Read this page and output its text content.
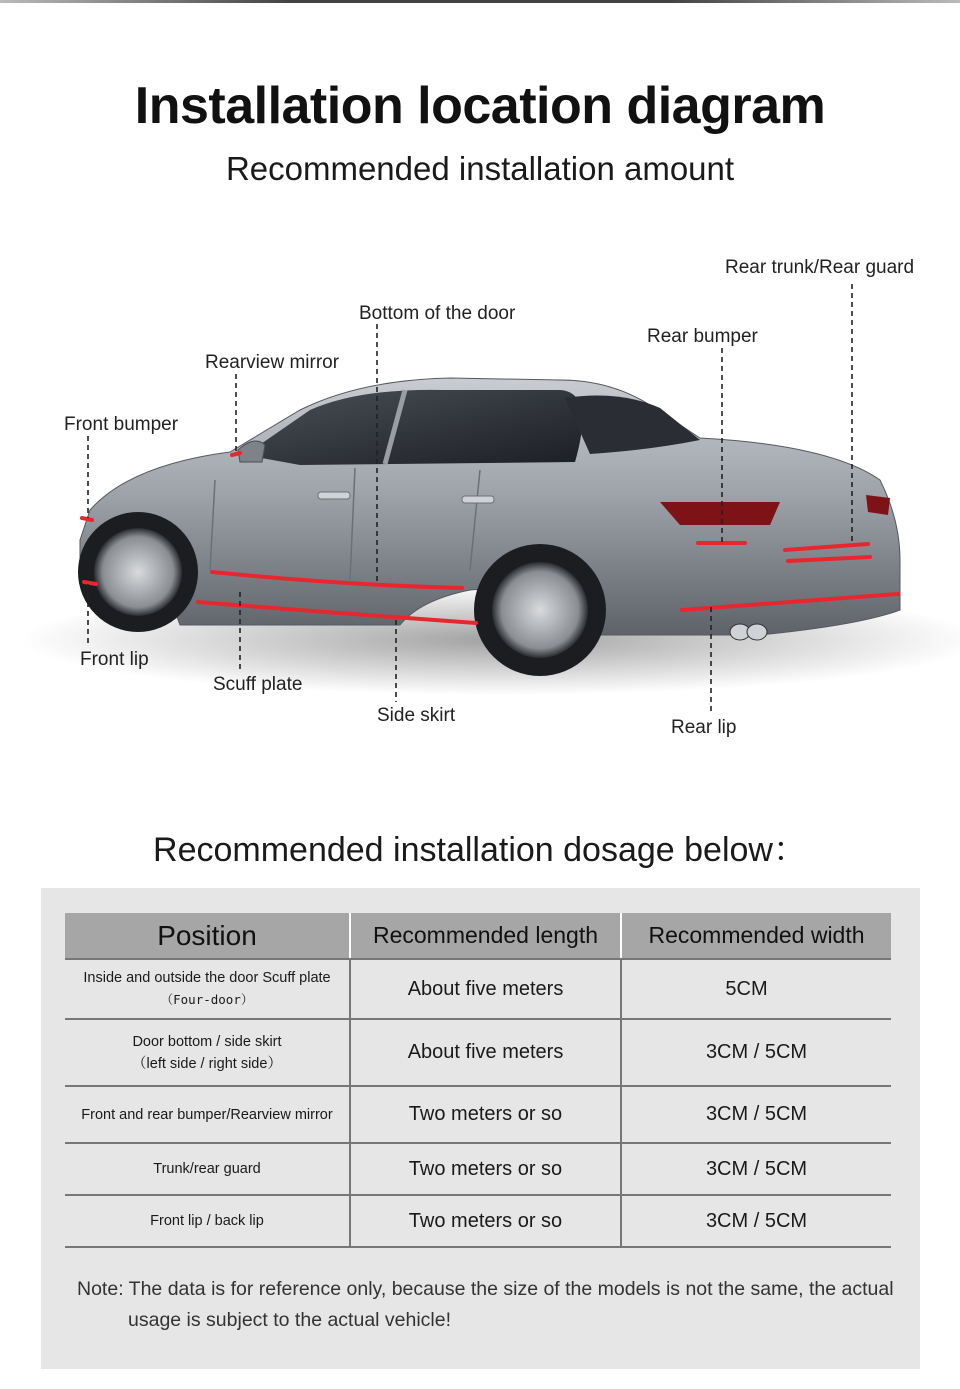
Installation location diagram
Recommended installation amount
Rear trunk/Rear guard
Bottom of the door
Rear bumper
Rearview mirror
Front bumper
Front lip
Scuff plate
Side skirt
Rear lip
Recommended installation dosage below：
Position	Recommended length	Recommended width

Inside and outside the door Scuff plate
（Four-door）	About five meters	5CM

Door bottom / side skirt
（left side / right side）	About five meters	3CM / 5CM
Front and rear bumper/Rearview mirror	Two meters or so	3CM / 5CM
Trunk/rear guard	Two meters or so	3CM / 5CM
Front lip / back lip	Two meters or so	3CM / 5CM
Note: The data is for reference only, because the size of the models is not the same, the actual
usage is subject to the actual vehicle!
